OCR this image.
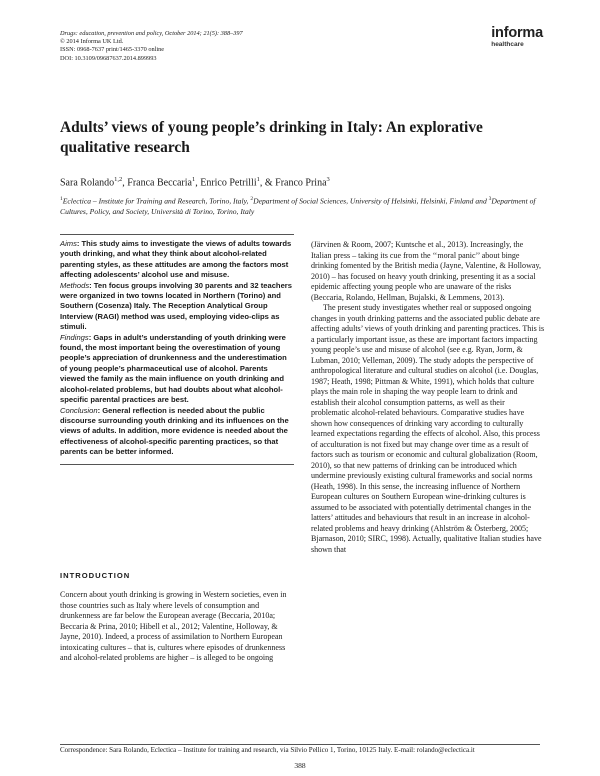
Drugs: education, prevention and policy, October 2014; 21(5): 388–397
© 2014 Informa UK Ltd.
ISSN: 0968-7637 print/1465-3370 online
DOI: 10.3109/09687637.2014.899993
informa
healthcare
Adults’ views of young people’s drinking in Italy: An explorative qualitative research
Sara Rolando$^{1,2}$, Franca Beccaria$^1$, Enrico Petrilli$^1$, & Franco Prina$^3$
$^1$Eclectica – Institute for Training and Research, Torino, Italy, $^2$Department of Social Sciences, University of Helsinki, Helsinki, Finland and $^3$Department of Cultures, Policy, and Society, Università di Torino, Torino, Italy

Aims: This study aims to investigate the views of adults towards youth drinking, and what they think about alcohol-related parenting styles, as these attitudes are among the factors most affecting adolescents’ alcohol use and misuse.

Methods: Ten focus groups involving 30 parents and 32 teachers were organized in two towns located in Northern (Torino) and Southern (Cosenza) Italy. The Reception Analytical Group Interview (RAGI) method was used, employing video-clips as stimuli.

Findings: Gaps in adult’s understanding of youth drinking were found, the most important being the overestimation of young people’s appreciation of drunkenness and the underestimation of young people’s pharmaceutical use of alcohol. Parents viewed the family as the main influence on youth drinking and alcohol-related problems, but had doubts about what alcohol-specific parental practices are best.

Conclusion: General reflection is needed about the public discourse surrounding youth drinking and its influences on the views of adults. In addition, more evidence is needed about the effectiveness of alcohol-specific parenting practices, so that parents can be better informed.

INTRODUCTION

Concern about youth drinking is growing in Western societies, even in those countries such as Italy where levels of consumption and drunkenness are far below the European average (Beccaria, 2010a; Beccaria & Prina, 2010; Hibell et al., 2012; Valentine, Holloway, & Jayne, 2010). Indeed, a process of assimilation to Northern European intoxicating cultures – that is, cultures where episodes of drunkenness and alcohol-related problems are higher – is alleged to be ongoing

(Järvinen & Room, 2007; Kuntsche et al., 2013). Increasingly, the Italian press – taking its cue from the ‘‘moral panic’’ about binge drinking fomented by the British media (Jayne, Valentine, & Holloway, 2010) – has focused on heavy youth drinking, presenting it as a social epidemic affecting young people who are unaware of the risks (Beccaria, Rolando, Hellman, Bujalski, & Lemmens, 2013).

The present study investigates whether real or supposed ongoing changes in youth drinking patterns and the associated public debate are affecting adults’ views of youth drinking and parenting practices. This is a particularly important issue, as these are important factors impacting young people’s use and misuse of alcohol (see e.g. Ryan, Jorm, & Lubman, 2010; Velleman, 2009). The study adopts the perspective of anthropological literature and cultural studies on alcohol (i.e. Douglas, 1987; Heath, 1998; Pittman & White, 1991), which holds that culture plays the main role in shaping the way people learn to drink and establish their alcohol consumption patterns, as well as their problematic alcohol-related behaviours. Comparative studies have shown how consequences of drinking vary according to culturally learned expectations regarding the effects of alcohol. Also, this process of acculturation is not fixed but may change over time as a result of factors such as tourism or economic and cultural globalization (Room, 2010), so that new patterns of drinking can be introduced which undermine previously existing cultural frameworks and social norms (Heath, 1998). In this sense, the increasing influence of Northern European cultures on Southern European wine-drinking cultures is assumed to be associated with potentially detrimental changes in the latters’ attitudes and behaviours that result in an increase in alcohol-related problems and heavy drinking (Ahlström & Österberg, 2005; Bjarnason, 2010; SIRC, 1998). Actually, qualitative Italian studies have shown that

Correspondence: Sara Rolando, Eclectica – Institute for training and research, via Silvio Pellico 1, Torino, 10125 Italy. E-mail: rolando@eclectica.it
388
